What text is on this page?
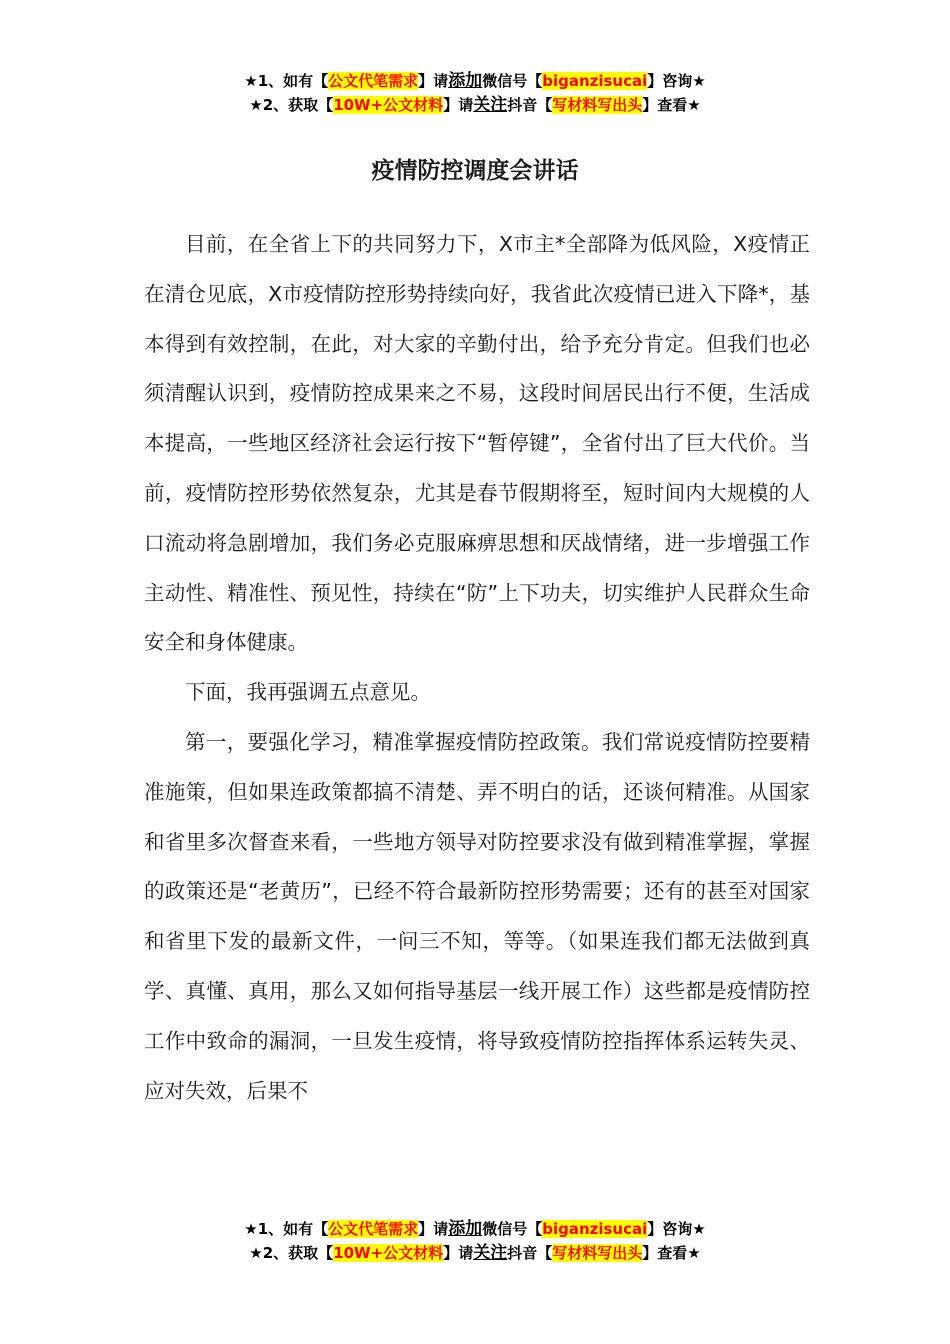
★1、如有【公文代笔需求】请添加微信号【biganzisucai】咨询★
★2、获取【10W+公文材料】请关注抖音【写材料写出头】查看★
疫情防控调度会讲话

目前，在全省上下的共同努力下，X市主*全部降为低风险，X疫情正在清仓见底，X市疫情防控形势持续向好，我省此次疫情已进入下降*，基本得到有效控制，在此，对大家的辛勤付出，给予充分肯定。但我们也必须清醒认识到，疫情防控成果来之不易，这段时间居民出行不便，生活成本提高，一些地区经济社会运行按下“暂停键”，全省付出了巨大代价。当前，疫情防控形势依然复杂，尤其是春节假期将至，短时间内大规模的人口流动将急剧增加，我们务必克服麻痹思想和厌战情绪，进一步增强工作主动性、精准性、预见性，持续在“防”上下功夫，切实维护人民群众生命安全和身体健康。

下面，我再强调五点意见。

第一，要强化学习，精准掌握疫情防控政策。我们常说疫情防控要精准施策，但如果连政策都搞不清楚、弄不明白的话，还谈何精准。从国家和省里多次督查来看，一些地方领导对防控要求没有做到精准掌握，掌握的政策还是“老黄历”，已经不符合最新防控形势需要；还有的甚至对国家和省里下发的最新文件，一问三不知，等等。（如果连我们都无法做到真学、真懂、真用，那么又如何指导基层一线开展工作）这些都是疫情防控工作中致命的漏洞，一旦发生疫情，将导致疫情防控指挥体系运转失灵、应对失效，后果不

★1、如有【公文代笔需求】请添加微信号【biganzisucai】咨询★
★2、获取【10W+公文材料】请关注抖音【写材料写出头】查看★
